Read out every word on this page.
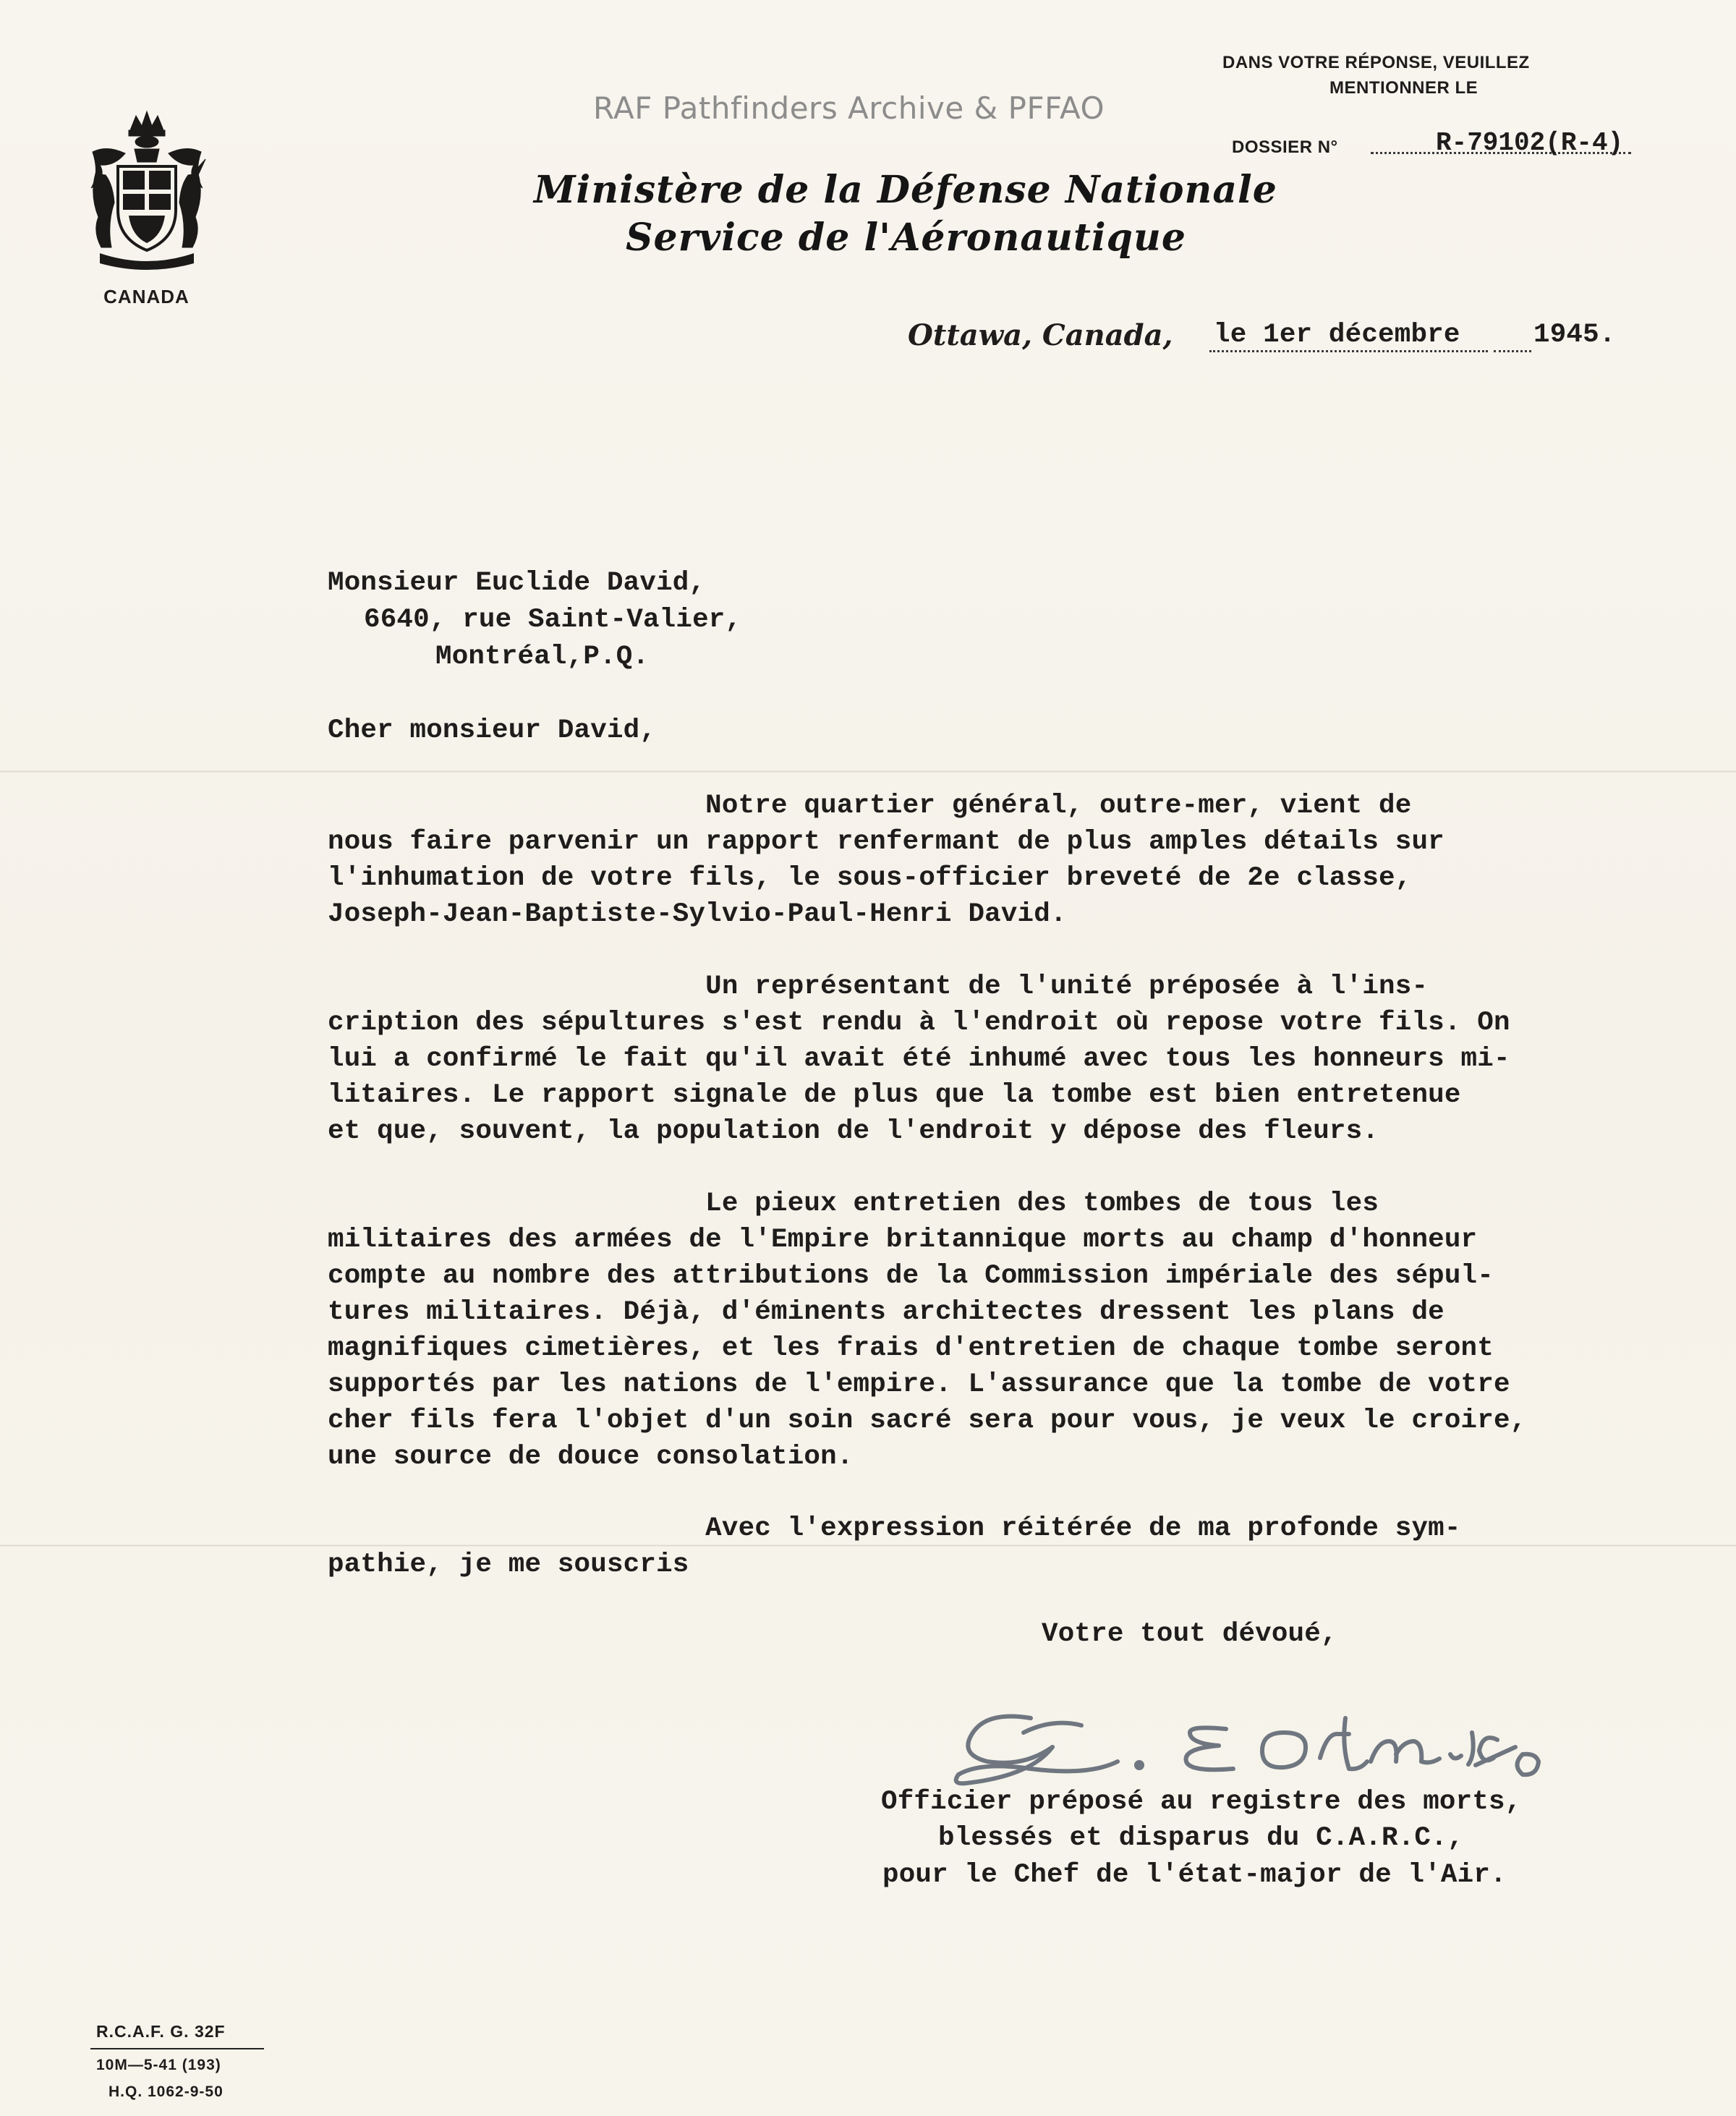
RAF Pathfinders Archive & PFFAO
CANADA
Ministère de la Défense Nationale
Service de l'Aéronautique
DANS VOTRE RÉPONSE, VEUILLEZ
MENTIONNER LE
DOSSIER N°	R-79102(R-4)
Ottawa, Canada, le 1er décembre	1945.
Monsieur Euclide David,
6640, rue Saint-Valier,
Montréal,P.Q.
Cher monsieur David,
Notre quartier général, outre-mer, vient de
nous faire parvenir un rapport renfermant de plus amples détails sur
l'inhumation de votre fils, le sous-officier breveté de 2e classe,
Joseph-Jean-Baptiste-Sylvio-Paul-Henri David.
Un représentant de l'unité préposée à l'ins-
cription des sépultures s'est rendu à l'endroit où repose votre fils. On
lui a confirmé le fait qu'il avait été inhumé avec tous les honneurs mi-
litaires. Le rapport signale de plus que la tombe est bien entretenue
et que, souvent, la population de l'endroit y dépose des fleurs.
Le pieux entretien des tombes de tous les
militaires des armées de l'Empire britannique morts au champ d'honneur
compte au nombre des attributions de la Commission impériale des sépul-
tures militaires. Déjà, d'éminents architectes dressent les plans de
magnifiques cimetières, et les frais d'entretien de chaque tombe seront
supportés par les nations de l'empire. L'assurance que la tombe de votre
cher fils fera l'objet d'un soin sacré sera pour vous, je veux le croire,
une source de douce consolation.
Avec l'expression réitérée de ma profonde sym-
pathie, je me souscris
Votre tout dévoué,
Officier préposé au registre des morts,
blessés et disparus du C.A.R.C.,
pour le Chef de l'état-major de l'Air.
R.C.A.F. G. 32F
10M—5-41 (193)
H.Q. 1062-9-50
